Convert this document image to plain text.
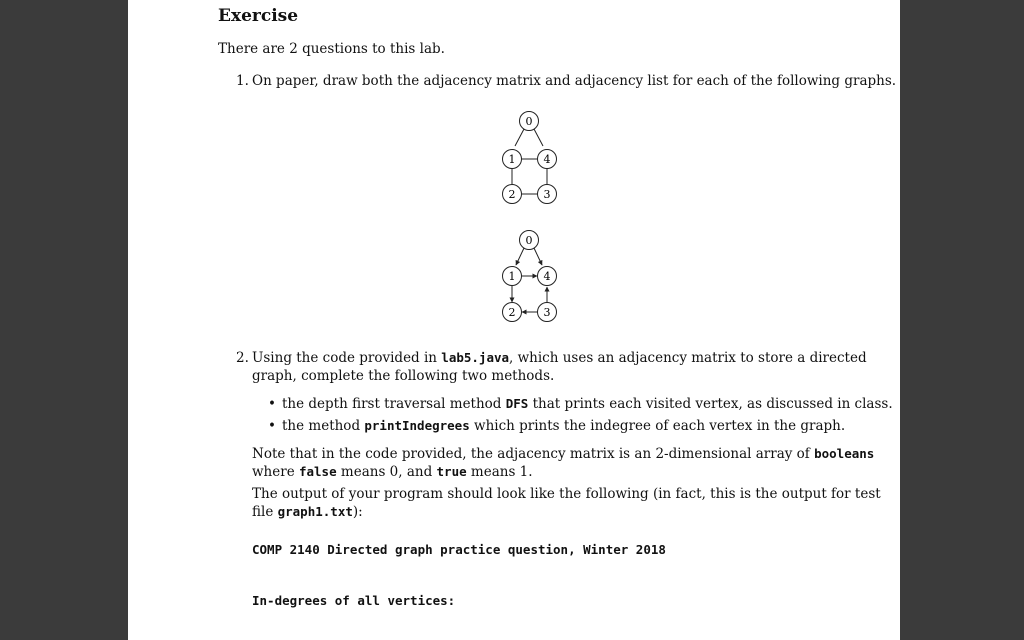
Exercise
There are 2 questions to this lab.
1. On paper, draw both the adjacency matrix and adjacency list for each of the following graphs.
0
1	4
2	3
0
1	4
2	3
2. Using the code provided in lab5.java, which uses an adjacency matrix to store a directed
graph, complete the following two methods.
• the depth first traversal method DFS that prints each visited vertex, as discussed in class.
• the method printIndegrees which prints the indegree of each vertex in the graph.
Note that in the code provided, the adjacency matrix is an 2-dimensional array of booleans
where false means 0, and true means 1.
The output of your program should look like the following (in fact, this is the output for test
file graph1.txt):
COMP 2140 Directed graph practice question, Winter 2018
In-degrees of all vertices:
